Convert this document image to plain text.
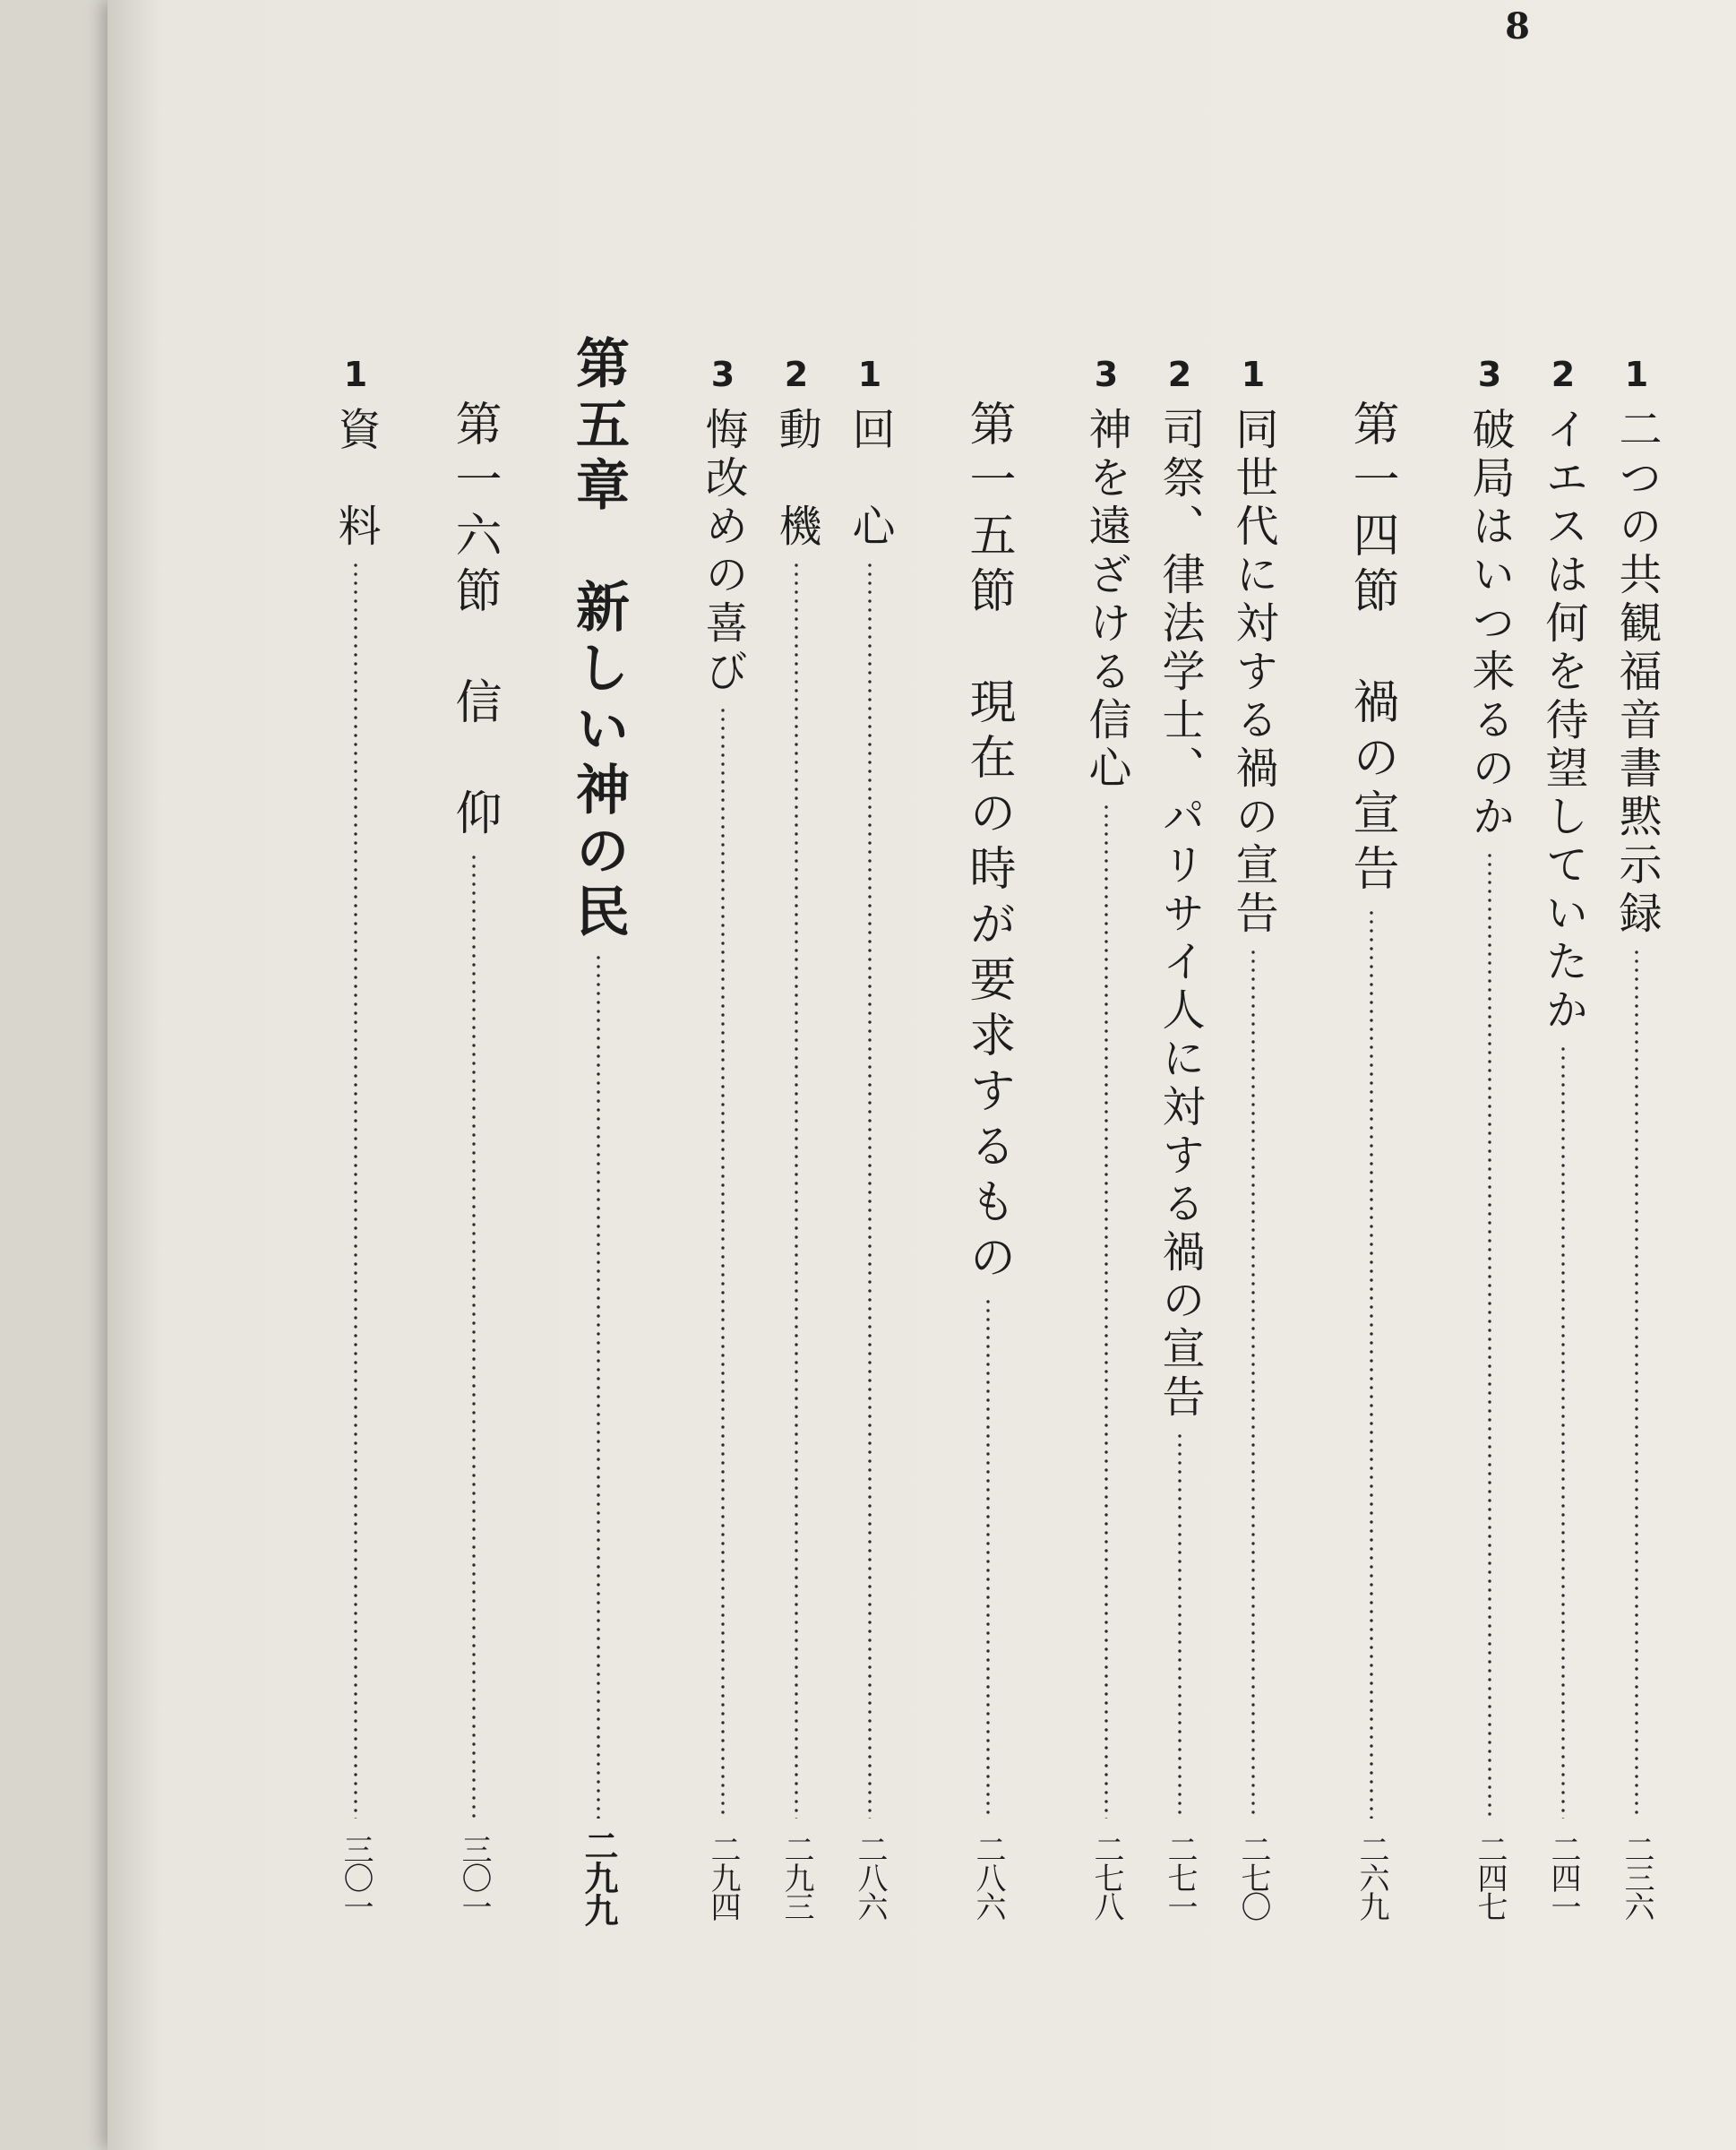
8
1
二つの共観福音書黙示録
二三六
2
イエスは何を待望していたか
二四一
3
破局はいつ来るのか
二四七
第一四節　禍の宣告
二六九
1
同世代に対する禍の宣告
二七〇
2
司祭、律法学士、パリサイ人に対する禍の宣告
二七一
3
神を遠ざける信心
二七八
第一五節　現在の時が要求するもの
二八六
1
回　心
二八六
2
動　機
二九三
3
悔改めの喜び
二九四
第五章　新しい神の民
二九九
第一六節　信　仰
三〇一
1
資　料
三〇一
